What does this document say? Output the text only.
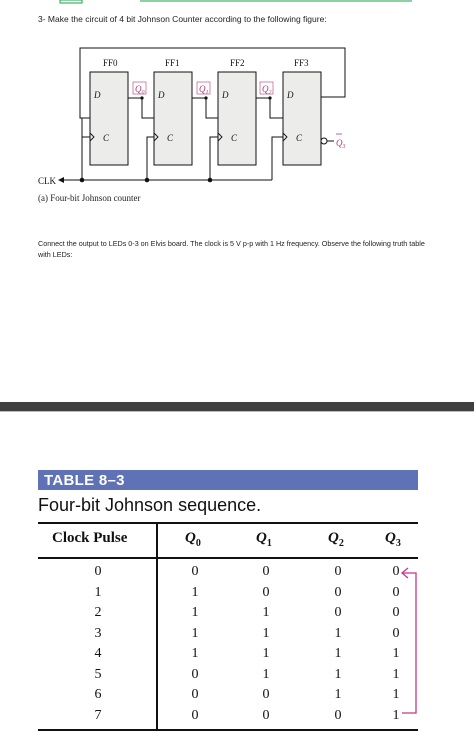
3- Make the circuit of 4 bit Johnson Counter according to the following figure:
FF0	FF1	FF2	FF3
D	D	D	D
C	C	C	C
CLK
$Q_0$	$Q_1$	$Q_2$
$Q_3$
(a) Four-bit Johnson counter
Connect the output to LEDs 0-3 on Elvis board. The clock is 5 V p-p with 1 Hz frequency. Observe the following truth table with LEDs:
TABLE 8–3
Four-bit Johnson sequence.
Clock Pulse	$Q_0$	$Q_1$	$Q_2$	$Q_3$
0	0	0	0	0
1	1	0	0	0
2	1	1	0	0
3	1	1	1	0
4	1	1	1	1
5	0	1	1	1
6	0	0	1	1
7	0	0	0	1
